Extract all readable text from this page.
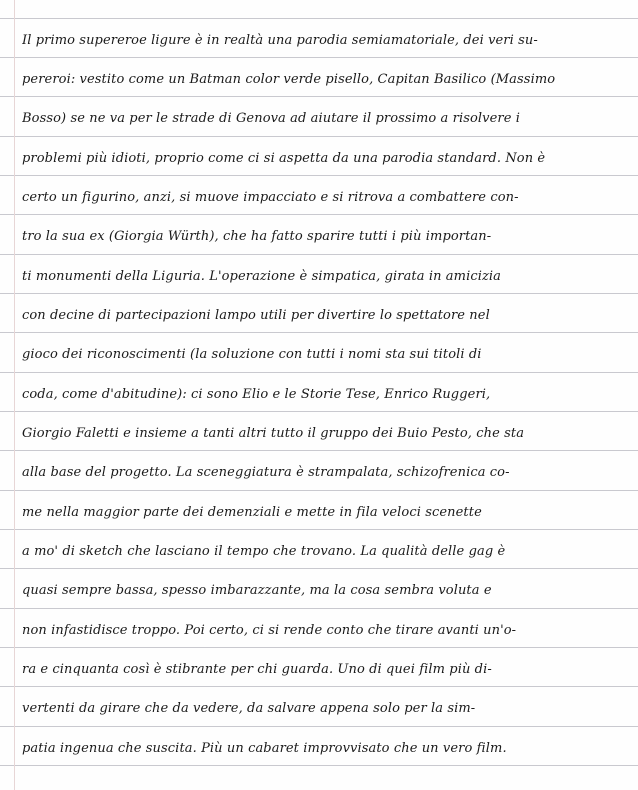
Il primo supereroe ligure è in realtà una parodia semiamatoriale, dei veri su-
pereroi: vestito come un Batman color verde pisello, Capitan Basilico (Massimo
Bosso) se ne va per le strade di Genova ad aiutare il prossimo a risolvere i
problemi più idioti, proprio come ci si aspetta da una parodia standard. Non è
certo un figurino, anzi, si muove impacciato e si ritrova a combattere con-
tro la sua ex (Giorgia Würth), che ha fatto sparire tutti i più importan-
ti monumenti della Liguria. L'operazione è simpatica, girata in amicizia
con decine di partecipazioni lampo utili per divertire lo spettatore nel
gioco dei riconoscimenti (la soluzione con tutti i nomi sta sui titoli di
coda, come d'abitudine): ci sono Elio e le Storie Tese, Enrico Ruggeri,
Giorgio Faletti e insieme a tanti altri tutto il gruppo dei Buio Pesto, che sta
alla base del progetto. La sceneggiatura è strampalata, schizofrenica co-
me nella maggior parte dei demenziali e mette in fila veloci scenette
a mo' di sketch che lasciano il tempo che trovano. La qualità delle gag è
quasi sempre bassa, spesso imbarazzante, ma la cosa sembra voluta e
non infastidisce troppo. Poi certo, ci si rende conto che tirare avanti un'o-
ra e cinquanta così è stibrante per chi guarda. Uno di quei film più di-
vertenti da girare che da vedere, da salvare appena solo per la sim-
patia ingenua che suscita. Più un cabaret improvvisato che un vero film.
